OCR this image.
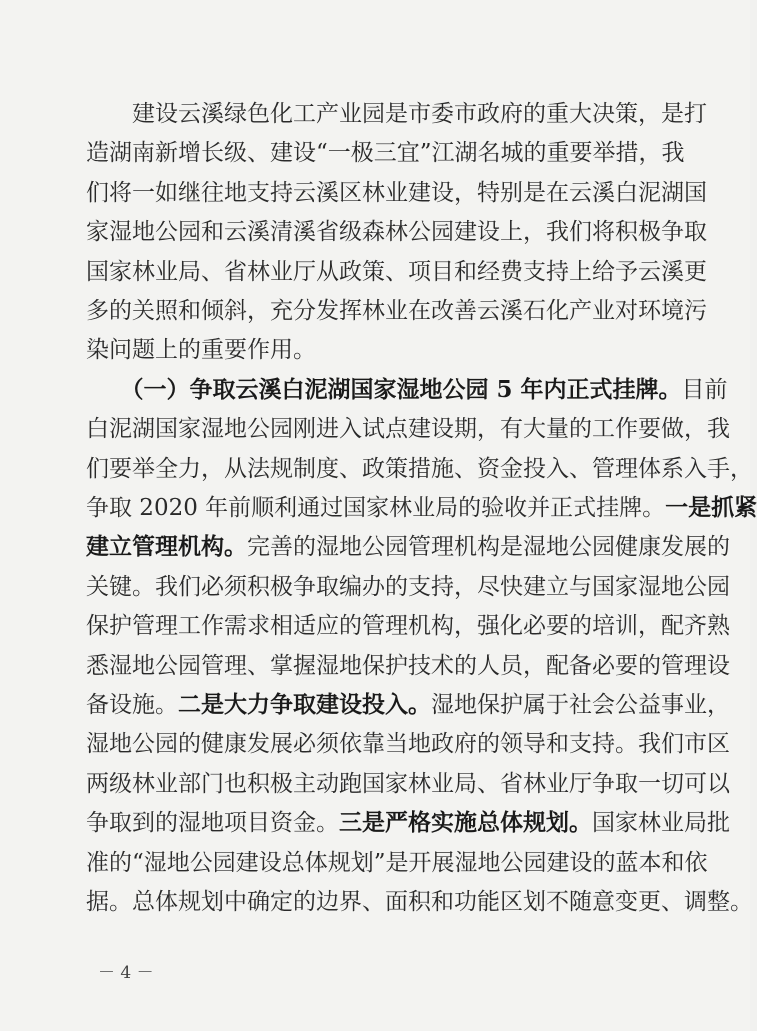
　　建设云溪绿色化工产业园是市委市政府的重大决策，是打
造湖南新增长级、建设“一极三宜”江湖名城的重要举措，我
们将一如继往地支持云溪区林业建设，特别是在云溪白泥湖国
家湿地公园和云溪清溪省级森林公园建设上，我们将积极争取
国家林业局、省林业厅从政策、项目和经费支持上给予云溪更
多的关照和倾斜，充分发挥林业在改善云溪石化产业对环境污
染问题上的重要作用。
　　（一）争取云溪白泥湖国家湿地公园 5 年内正式挂牌。目前
白泥湖国家湿地公园刚进入试点建设期，有大量的工作要做，我
们要举全力，从法规制度、政策措施、资金投入、管理体系入手，
争取 2020 年前顺利通过国家林业局的验收并正式挂牌。一是抓紧
建立管理机构。完善的湿地公园管理机构是湿地公园健康发展的
关键。我们必须积极争取编办的支持，尽快建立与国家湿地公园
保护管理工作需求相适应的管理机构，强化必要的培训，配齐熟
悉湿地公园管理、掌握湿地保护技术的人员，配备必要的管理设
备设施。二是大力争取建设投入。湿地保护属于社会公益事业，
湿地公园的健康发展必须依靠当地政府的领导和支持。我们市区
两级林业部门也积极主动跑国家林业局、省林业厅争取一切可以
争取到的湿地项目资金。三是严格实施总体规划。国家林业局批
准的“湿地公园建设总体规划”是开展湿地公园建设的蓝本和依
据。总体规划中确定的边界、面积和功能区划不随意变更、调整。
－ 4 －
